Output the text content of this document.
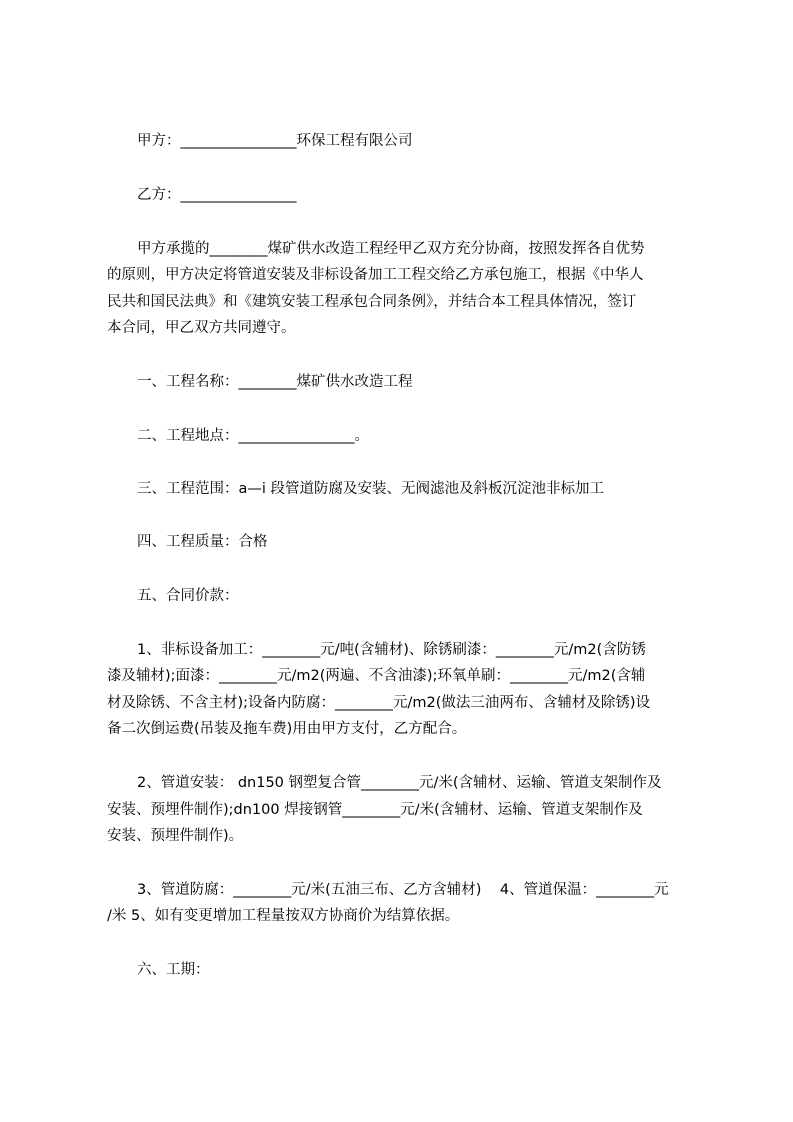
甲方：________________环保工程有限公司
乙方：________________
甲方承揽的________煤矿供水改造工程经甲乙双方充分协商，按照发挥各自优势
的原则，甲方决定将管道安装及非标设备加工工程交给乙方承包施工，根据《中华人
民共和国民法典》和《建筑安装工程承包合同条例》，并结合本工程具体情况，签订
本合同，甲乙双方共同遵守。
一、工程名称：________煤矿供水改造工程
二、工程地点：________________。
三、工程范围：a—i 段管道防腐及安装、无阀滤池及斜板沉淀池非标加工
四、工程质量：合格
五、合同价款：
1、非标设备加工：________元/吨(含辅材)、除锈刷漆：________元/m2(含防锈
漆及辅材);面漆：________元/m2(两遍、不含油漆);环氧单刷：________元/m2(含辅
材及除锈、不含主材);设备内防腐：________元/m2(做法三油两布、含辅材及除锈)设
备二次倒运费(吊装及拖车费)用由甲方支付，乙方配合。
2、管道安装： dn150 钢塑复合管________元/米(含辅材、运输、管道支架制作及
安装、预埋件制作);dn100 焊接钢管________元/米(含辅材、运输、管道支架制作及
安装、预埋件制作)。
3、管道防腐：________元/米(五油三布、乙方含辅材)    4、管道保温：________元
/米 5、如有变更增加工程量按双方协商价为结算依据。
六、工期：
